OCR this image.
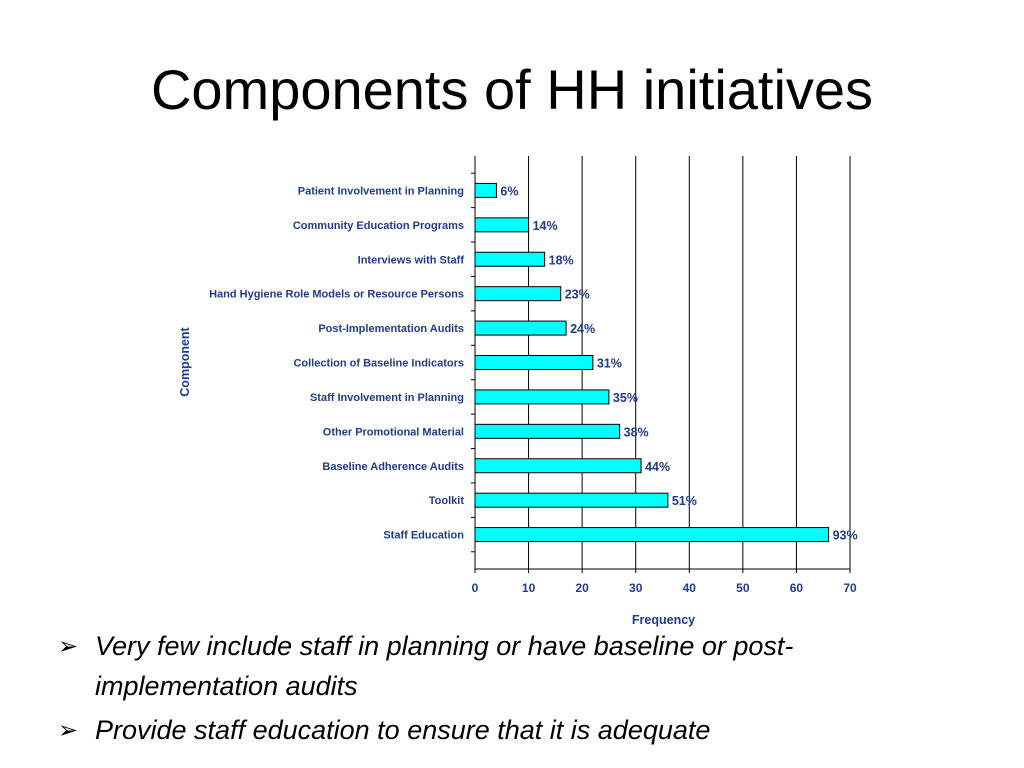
Components of HH initiatives
0	10	20	30	40	50	60	70
Patient Involvement in Planning	6%
Community Education Programs	14%
Interviews with Staff	18%
Hand Hygiene Role Models or Resource Persons	23%
Post-Implementation Audits	24%
Collection of Baseline Indicators	31%
Staff Involvement in Planning	35%
Other Promotional Material	38%
Baseline Adherence Audits	44%
Toolkit	51%
Staff Education	93%
Frequency
Component
➢ Very few include staff in planning or have baseline or post-implementation audits
➢ Provide staff education to ensure that it is adequate
